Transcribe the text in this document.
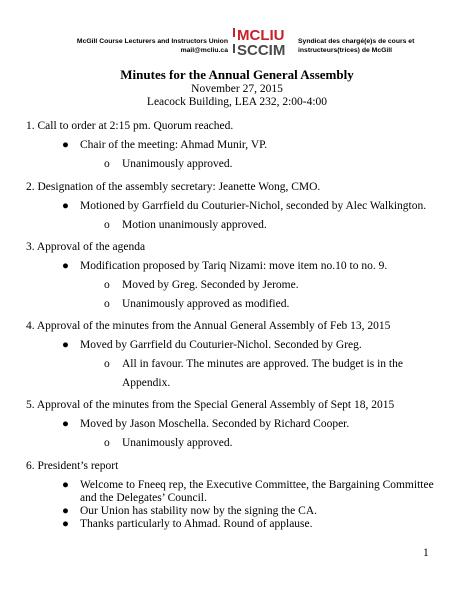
McGill Course Lecturers and Instructors Union
mail@mcliu.ca
MCLIU
SCCIM
Syndicat des chargé(e)s de cours et
instructeurs(trices) de McGill
Minutes for the Annual General Assembly
November 27, 2015
Leacock Building, LEA 232, 2:00-4:00
1. Call to order at 2:15 pm. Quorum reached.
● Chair of the meeting: Ahmad Munir, VP.
o Unanimously approved.
2. Designation of the assembly secretary: Jeanette Wong, CMO.
● Motioned by Garrfield du Couturier-Nichol, seconded by Alec Walkington.
o Motion unanimously approved.
3. Approval of the agenda
● Modification proposed by Tariq Nizami: move item no.10 to no. 9.
o Moved by Greg. Seconded by Jerome.
o Unanimously approved as modified.
4. Approval of the minutes from the Annual General Assembly of Feb 13, 2015
● Moved by Garrfield du Couturier-Nichol. Seconded by Greg.
o All in favour. The minutes are approved. The budget is in the
Appendix.
5. Approval of the minutes from the Special General Assembly of Sept 18, 2015
● Moved by Jason Moschella. Seconded by Richard Cooper.
o Unanimously approved.
6. President’s report
● Welcome to Fneeq rep, the Executive Committee, the Bargaining Committee
and the Delegates’ Council.
● Our Union has stability now by the signing the CA.
● Thanks particularly to Ahmad. Round of applause.
1
